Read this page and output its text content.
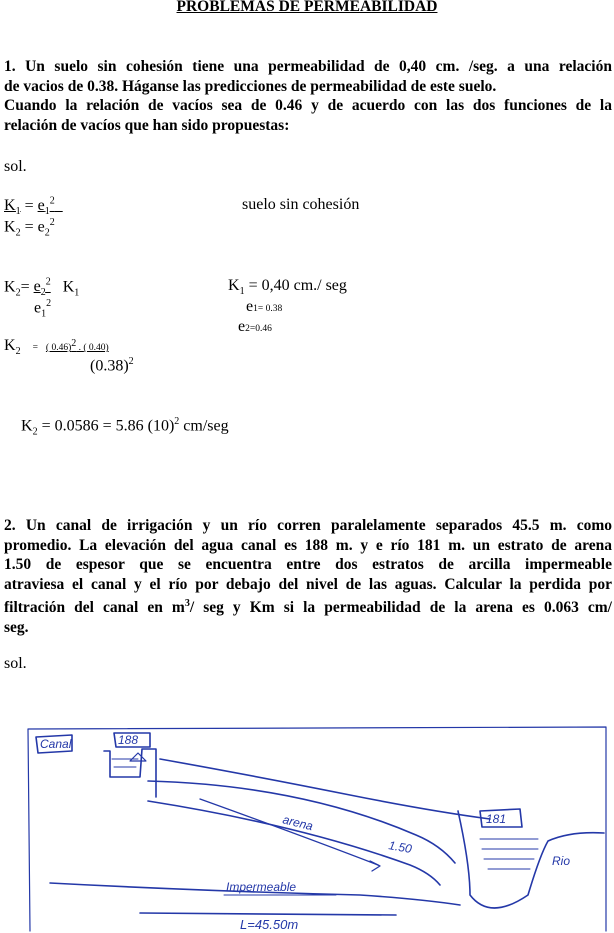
PROBLEMAS DE PERMEABILIDAD
1. Un suelo sin cohesión tiene una permeabilidad de 0,40 cm. /seg. a una relación
de vacios de 0.38. Háganse las predicciones de permeabilidad de este suelo.
Cuando la relación de vacíos sea de 0.46 y de acuerdo con las dos funciones de la
relación de vacíos que han sido propuestas:
sol.
$K_1 = e_1^2$	suelo sin cohesión
$K_2 = e_2^2$
$K_2= e_2^2$ $K_1$
$e_1^2$
$K_1 = 0,40$ cm./ seg
e1= 0.38
e2=0.46
$K_2$ = ( 0.46)$^2$ . ( 0.40)
$(0.38)^2$
$K_2 = 0.0586 = 5.86$ $(10)^2$ cm/seg
2. Un canal de irrigación y un río corren paralelamente separados 45.5 m. como
promedio. La elevación del agua canal es 188 m. y e río 181 m. un estrato de arena
1.50 de espesor que se encuentra entre dos estratos de arcilla impermeable
atraviesa el canal y el río por debajo del nivel de las aguas. Calcular la perdida por
filtración del canal en $m^3/$ seg y Km si la permeabilidad de la arena es 0.063 cm/
seg.
sol.
Canal	188
arena
1.50
181
Rio
Impermeable
L=45.50m
